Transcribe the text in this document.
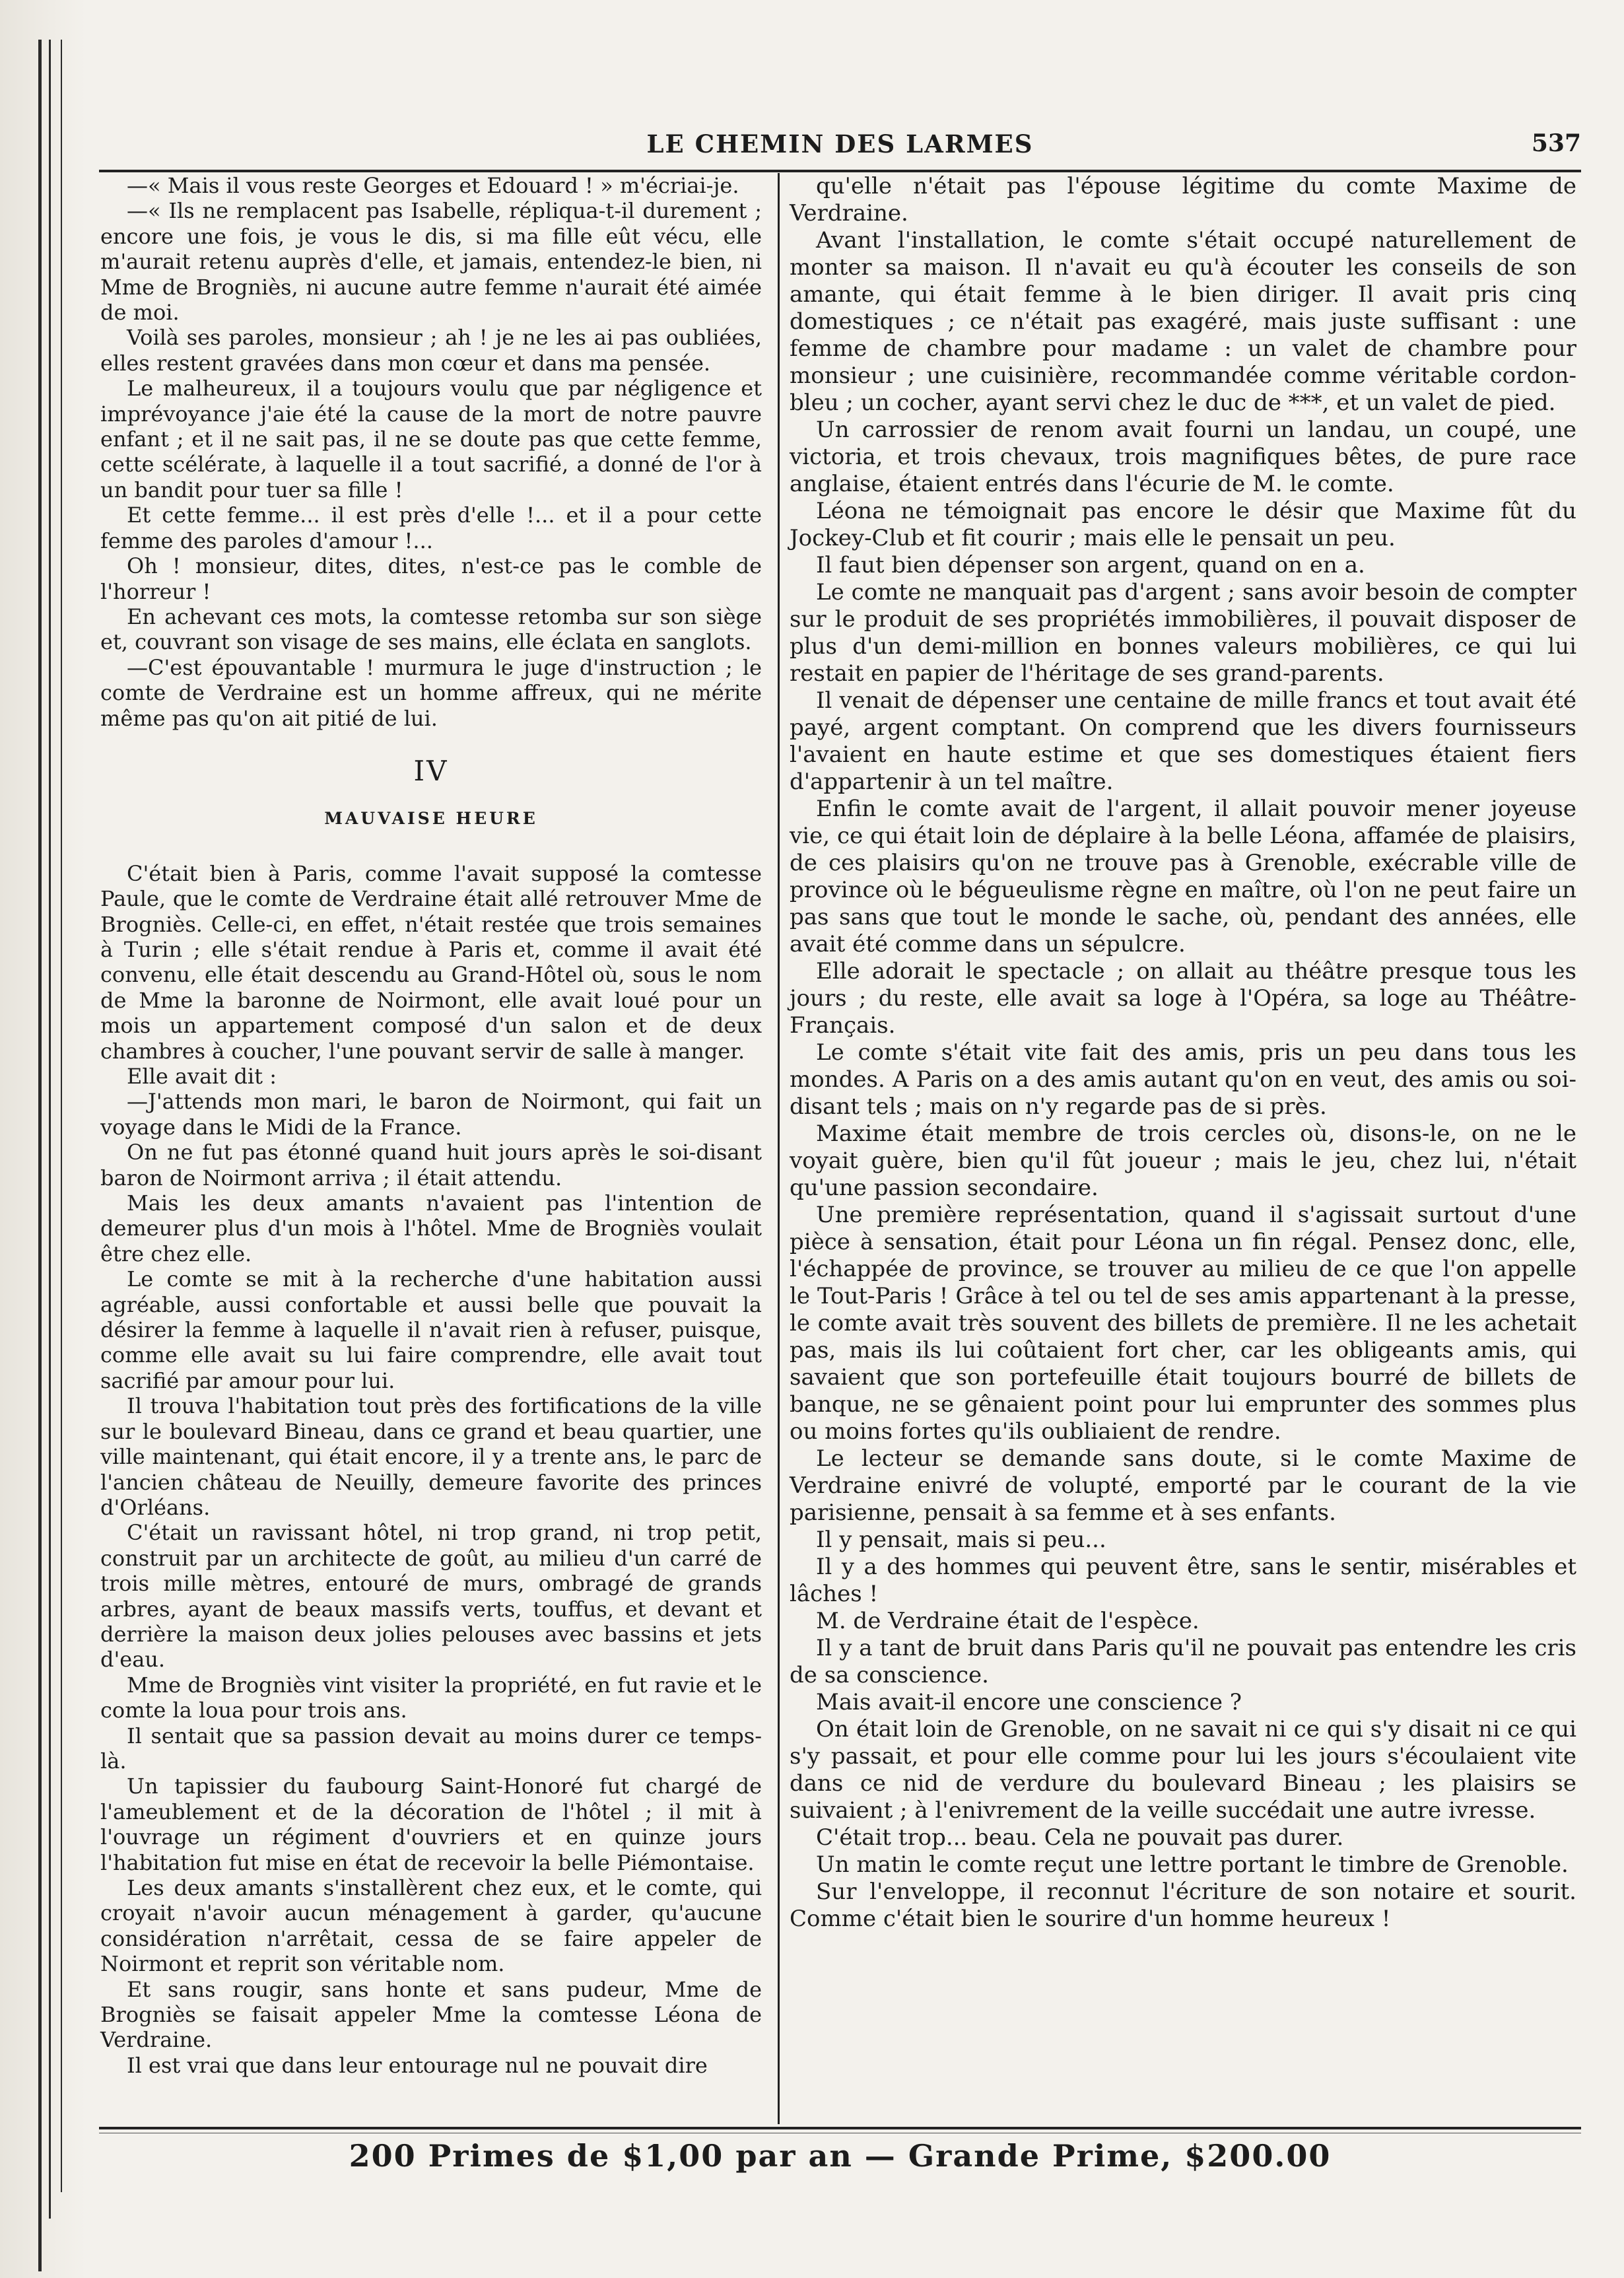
LE CHEMIN DES LARMES	537

—« Mais il vous reste Georges et Edouard ! » m'écriai-je.

—« Ils ne remplacent pas Isabelle, répliqua-t-il durement ; encore une fois, je vous le dis, si ma fille eût vécu, elle m'aurait retenu auprès d'elle, et jamais, entendez-le bien, ni Mme de Brogniès, ni aucune autre femme n'aurait été aimée de moi.

Voilà ses paroles, monsieur ; ah ! je ne les ai pas oubliées, elles restent gravées dans mon cœur et dans ma pensée.

Le malheureux, il a toujours voulu que par négligence et imprévoyance j'aie été la cause de la mort de notre pauvre enfant ; et il ne sait pas, il ne se doute pas que cette femme, cette scélérate, à laquelle il a tout sacrifié, a donné de l'or à un bandit pour tuer sa fille !

Et cette femme... il est près d'elle !... et il a pour cette femme des paroles d'amour !...

Oh ! monsieur, dites, dites, n'est-ce pas le comble de l'horreur !

En achevant ces mots, la comtesse retomba sur son siège et, couvrant son visage de ses mains, elle éclata en sanglots.

—C'est épouvantable ! murmura le juge d'instruction ; le comte de Verdraine est un homme affreux, qui ne mérite même pas qu'on ait pitié de lui.

IV
MAUVAISE HEURE

C'était bien à Paris, comme l'avait supposé la comtesse Paule, que le comte de Verdraine était allé retrouver Mme de Brogniès. Celle-ci, en effet, n'était restée que trois semaines à Turin ; elle s'était rendue à Paris et, comme il avait été convenu, elle était descendu au Grand-Hôtel où, sous le nom de Mme la baronne de Noirmont, elle avait loué pour un mois un appartement composé d'un salon et de deux chambres à coucher, l'une pouvant servir de salle à manger.

Elle avait dit :

—J'attends mon mari, le baron de Noirmont, qui fait un voyage dans le Midi de la France.

On ne fut pas étonné quand huit jours après le soi-disant baron de Noirmont arriva ; il était attendu.

Mais les deux amants n'avaient pas l'intention de demeurer plus d'un mois à l'hôtel. Mme de Brogniès voulait être chez elle.

Le comte se mit à la recherche d'une habitation aussi agréable, aussi confortable et aussi belle que pouvait la désirer la femme à laquelle il n'avait rien à refuser, puisque, comme elle avait su lui faire comprendre, elle avait tout sacrifié par amour pour lui.

Il trouva l'habitation tout près des fortifications de la ville sur le boulevard Bineau, dans ce grand et beau quartier, une ville maintenant, qui était encore, il y a trente ans, le parc de l'ancien château de Neuilly, demeure favorite des princes d'Orléans.

C'était un ravissant hôtel, ni trop grand, ni trop petit, construit par un architecte de goût, au milieu d'un carré de trois mille mètres, entouré de murs, ombragé de grands arbres, ayant de beaux massifs verts, touffus, et devant et derrière la maison deux jolies pelouses avec bassins et jets d'eau.

Mme de Brogniès vint visiter la propriété, en fut ravie et le comte la loua pour trois ans.

Il sentait que sa passion devait au moins durer ce temps-là.

Un tapissier du faubourg Saint-Honoré fut chargé de l'ameublement et de la décoration de l'hôtel ; il mit à l'ouvrage un régiment d'ouvriers et en quinze jours l'habitation fut mise en état de recevoir la belle Piémontaise.

Les deux amants s'installèrent chez eux, et le comte, qui croyait n'avoir aucun ménagement à garder, qu'aucune considération n'arrêtait, cessa de se faire appeler de Noirmont et reprit son véritable nom.

Et sans rougir, sans honte et sans pudeur, Mme de Brogniès se faisait appeler Mme la comtesse Léona de Verdraine.

Il est vrai que dans leur entourage nul ne pouvait dire

qu'elle n'était pas l'épouse légitime du comte Maxime de Verdraine.

Avant l'installation, le comte s'était occupé naturellement de monter sa maison. Il n'avait eu qu'à écouter les conseils de son amante, qui était femme à le bien diriger. Il avait pris cinq domestiques ; ce n'était pas exagéré, mais juste suffisant : une femme de chambre pour madame : un valet de chambre pour monsieur ; une cuisinière, recommandée comme véritable cordon-bleu ; un cocher, ayant servi chez le duc de ***, et un valet de pied.

Un carrossier de renom avait fourni un landau, un coupé, une victoria, et trois chevaux, trois magnifiques bêtes, de pure race anglaise, étaient entrés dans l'écurie de M. le comte.

Léona ne témoignait pas encore le désir que Maxime fût du Jockey-Club et fit courir ; mais elle le pensait un peu.

Il faut bien dépenser son argent, quand on en a.

Le comte ne manquait pas d'argent ; sans avoir besoin de compter sur le produit de ses propriétés immobilières, il pouvait disposer de plus d'un demi-million en bonnes valeurs mobilières, ce qui lui restait en papier de l'héritage de ses grand-parents.

Il venait de dépenser une centaine de mille francs et tout avait été payé, argent comptant. On comprend que les divers fournisseurs l'avaient en haute estime et que ses domestiques étaient fiers d'appartenir à un tel maître.

Enfin le comte avait de l'argent, il allait pouvoir mener joyeuse vie, ce qui était loin de déplaire à la belle Léona, affamée de plaisirs, de ces plaisirs qu'on ne trouve pas à Grenoble, exécrable ville de province où le bégueulisme règne en maître, où l'on ne peut faire un pas sans que tout le monde le sache, où, pendant des années, elle avait été comme dans un sépulcre.

Elle adorait le spectacle ; on allait au théâtre presque tous les jours ; du reste, elle avait sa loge à l'Opéra, sa loge au Théâtre-Français.

Le comte s'était vite fait des amis, pris un peu dans tous les mondes. A Paris on a des amis autant qu'on en veut, des amis ou soi-disant tels ; mais on n'y regarde pas de si près.

Maxime était membre de trois cercles où, disons-le, on ne le voyait guère, bien qu'il fût joueur ; mais le jeu, chez lui, n'était qu'une passion secondaire.

Une première représentation, quand il s'agissait surtout d'une pièce à sensation, était pour Léona un fin régal. Pensez donc, elle, l'échappée de province, se trouver au milieu de ce que l'on appelle le Tout-Paris ! Grâce à tel ou tel de ses amis appartenant à la presse, le comte avait très souvent des billets de première. Il ne les achetait pas, mais ils lui coûtaient fort cher, car les obligeants amis, qui savaient que son portefeuille était toujours bourré de billets de banque, ne se gênaient point pour lui emprunter des sommes plus ou moins fortes qu'ils oubliaient de rendre.

Le lecteur se demande sans doute, si le comte Maxime de Verdraine enivré de volupté, emporté par le courant de la vie parisienne, pensait à sa femme et à ses enfants.

Il y pensait, mais si peu...

Il y a des hommes qui peuvent être, sans le sentir, misérables et lâches !

M. de Verdraine était de l'espèce.

Il y a tant de bruit dans Paris qu'il ne pouvait pas entendre les cris de sa conscience.

Mais avait-il encore une conscience ?

On était loin de Grenoble, on ne savait ni ce qui s'y disait ni ce qui s'y passait, et pour elle comme pour lui les jours s'écoulaient vite dans ce nid de verdure du boulevard Bineau ; les plaisirs se suivaient ; à l'enivrement de la veille succédait une autre ivresse.

C'était trop... beau. Cela ne pouvait pas durer.

Un matin le comte reçut une lettre portant le timbre de Grenoble.

Sur l'enveloppe, il reconnut l'écriture de son notaire et sourit. Comme c'était bien le sourire d'un homme heureux !

200 Primes de $1,00 par an — Grande Prime, $200.00
